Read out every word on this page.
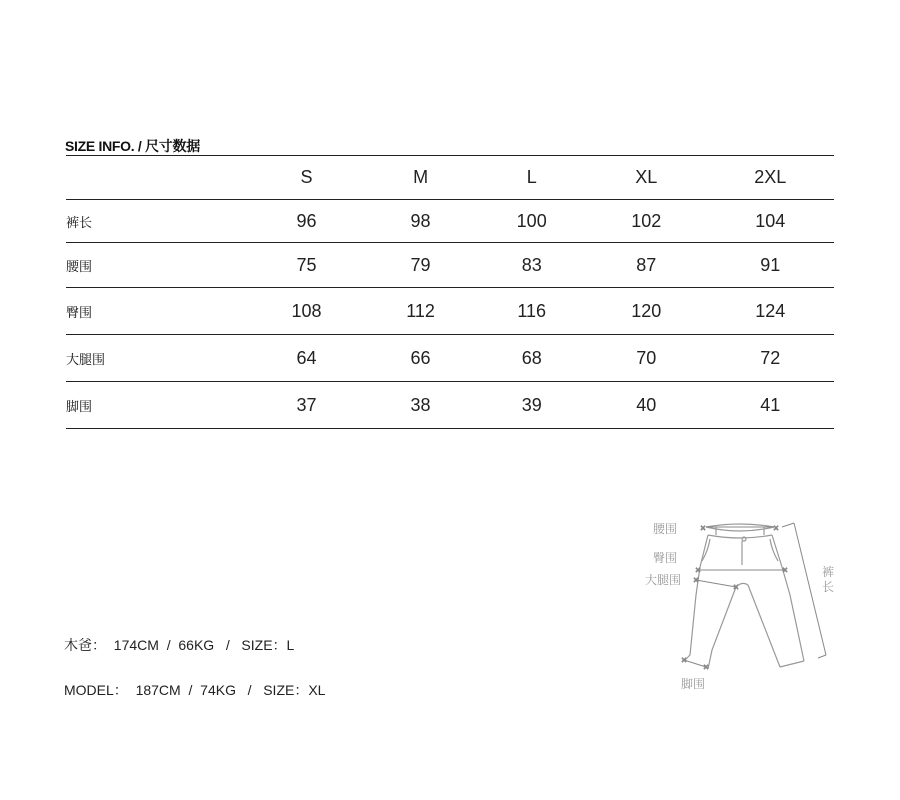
SIZE INFO. / 尺寸数据
	S	M	L	XL	2XL
裤长	96	98	100	102	104
腰围	75	79	83	87	91
臀围	108	112	116	120	124
大腿围	64	66	68	70	72
脚围	37	38	39	40	41
木爸： 174CM  /  66KG   /   SIZE：L
MODEL： 187CM  /  74KG   /   SIZE：XL
×	×
×	×
×
×
×
×
腰围
臀围
大腿围
脚围
裤
长
